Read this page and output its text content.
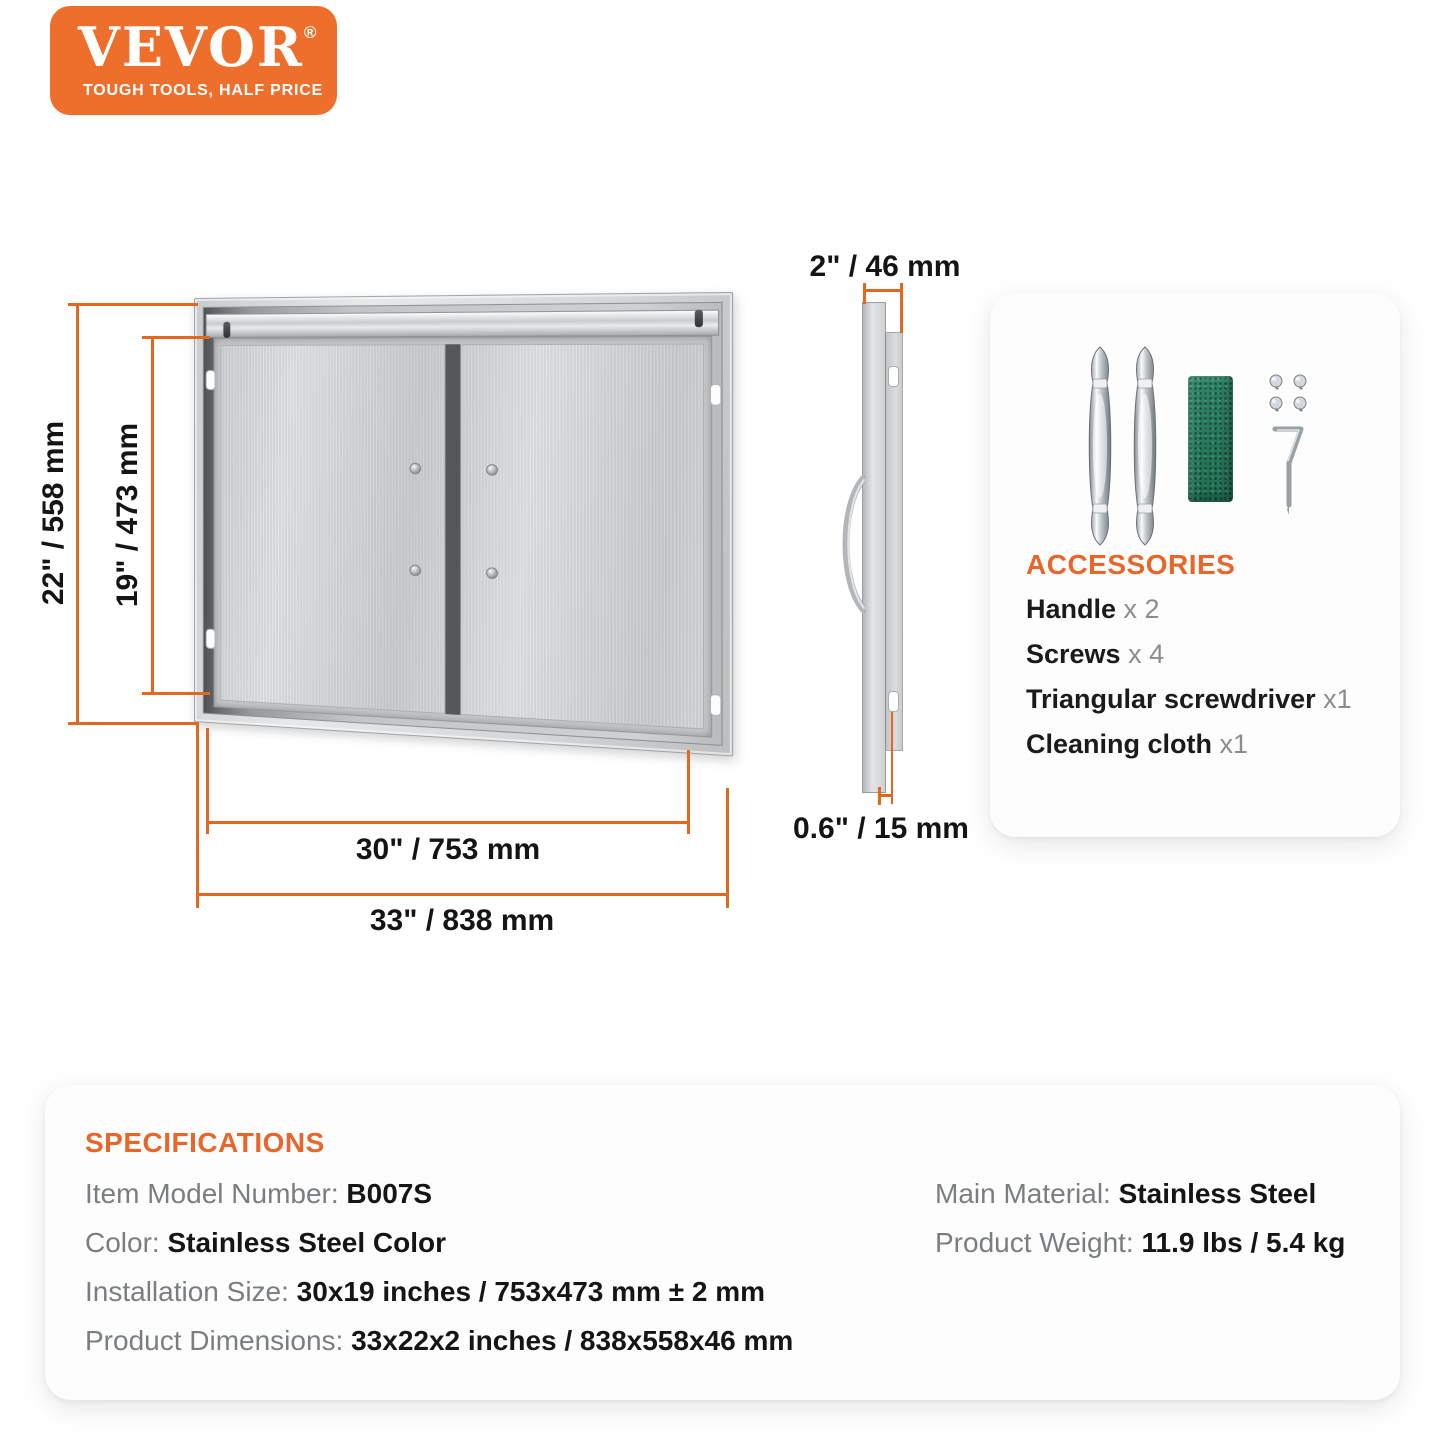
VEVOR®
TOUGH TOOLS, HALF PRICE
22" / 558 mm 19" / 473 mm
30" / 753 mm
33" / 838 mm
2" / 46 mm
0.6" / 15 mm
ACCESSORIES
Handle x 2
Screws x 4
Triangular screwdriver x1
Cleaning cloth x1
SPECIFICATIONS
Item Model Number: B007S
Color: Stainless Steel Color
Installation Size: 30x19 inches / 753x473 mm ± 2 mm
Product Dimensions: 33x22x2 inches / 838x558x46 mm
Main Material: Stainless Steel
Product Weight: 11.9 lbs / 5.4 kg
